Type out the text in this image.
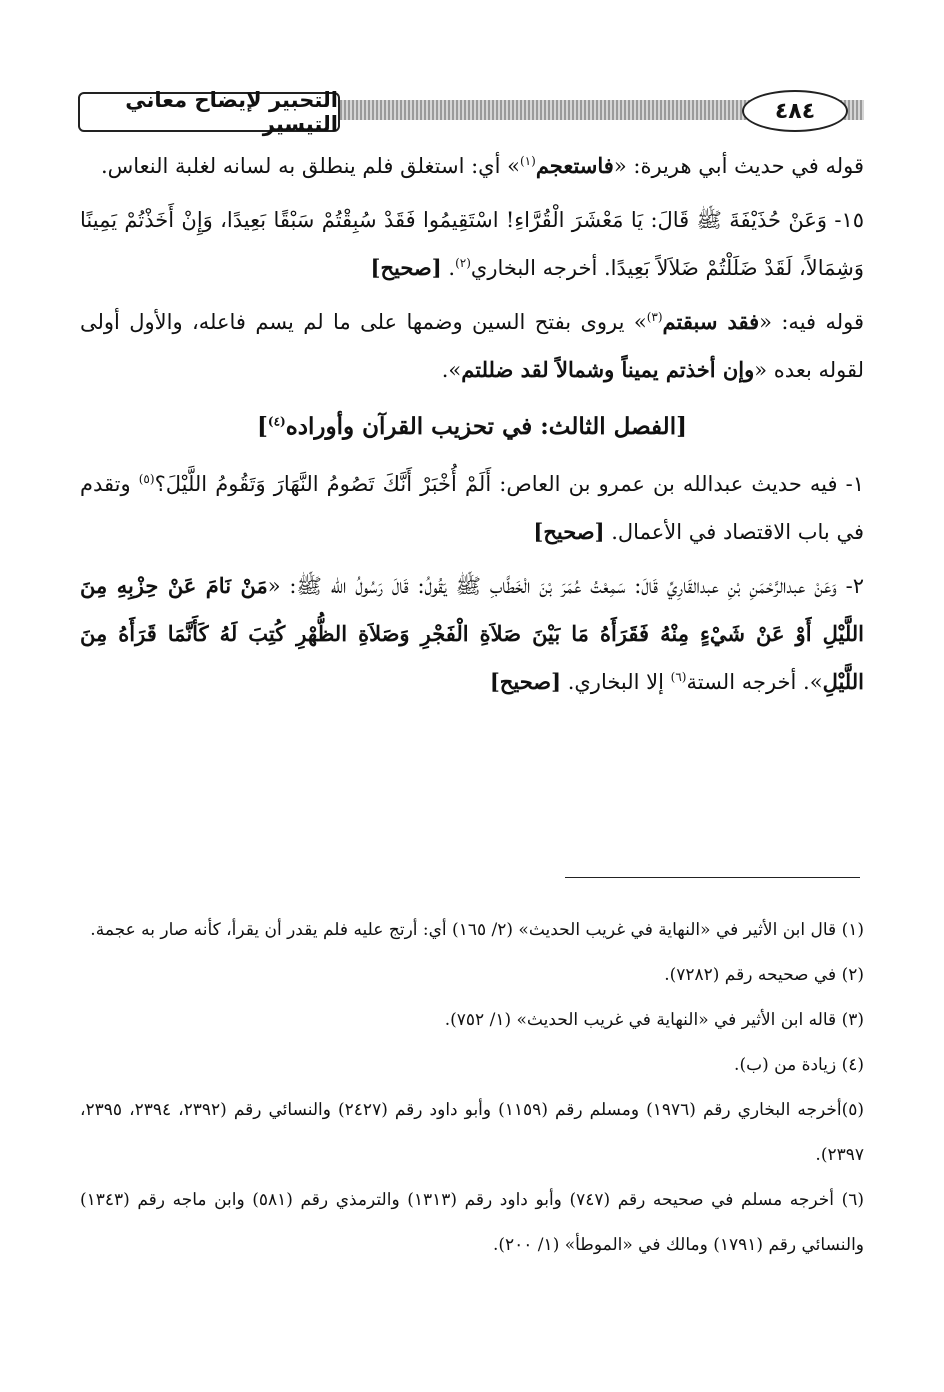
التحبير لإيضاح معاني التيسير
٤٨٤

قوله في حديث أبي هريرة: «فاستعجم$^{(١)}$» أي: استغلق فلم ينطلق به لسانه لغلبة النعاس.

١٥- وَعَنْ حُذَيْفَةَ ﷺ قَالَ: يَا مَعْشَرَ الْقُرَّاءِ! اسْتَقِيمُوا فَقَدْ سُبِقْتُمْ سَبْقًا بَعِيدًا، وَإِنْ أَخَذْتُمْ يَمِينًا وَشِمَالاً، لَقَدْ ضَلَلْتُمْ ضَلاَلاً بَعِيدًا. أخرجه البخاري$^{(٢)}$. [صحيح]

قوله فيه: «فقد سبقتم$^{(٣)}$» يروى بفتح السين وضمها على ما لم يسم فاعله، والأول أولى لقوله بعده «وإن أخذتم يميناً وشمالاً لقد ضللتم».

[الفصل الثالث: في تحزيب القرآن وأوراده$^{(٤)}$]

١- فيه حديث عبدالله بن عمرو بن العاص: أَلَمْ أُخْبَرْ أَنَّكَ تَصُومُ النَّهَارَ وَتَقُومُ اللَّيْلَ؟$^{(٥)}$ وتقدم في باب الاقتصاد في الأعمال. [صحيح]

٢- وَعَنْ عبدالرَّحْمَنِ بْنِ عبدالقَارِيِّ قَالَ: سَمِعْتُ عُمَرَ بْنَ الْخَطَّابِ ﷺ يَقُولُ: قَالَ رَسُولُ الله ﷺ: «مَنْ نَامَ عَنْ حِزْبِهِ مِنَ اللَّيْلِ أَوْ عَنْ شَيْءٍ مِنْهُ فَقَرَأَهُ مَا بَيْنَ صَلاَةِ الْفَجْرِ وَصَلاَةِ الظُّهْرِ كُتِبَ لَهُ كَأَنَّمَا قَرَأَهُ مِنَ اللَّيْلِ». أخرجه الستة$^{(٦)}$ إلا البخاري. [صحيح]

(١) قال ابن الأثير في «النهاية في غريب الحديث» (٢/ ١٦٥) أي: أرتج عليه فلم يقدر أن يقرأ، كأنه صار به عجمة.

(٢) في صحيحه رقم (٧٢٨٢).

(٣) قاله ابن الأثير في «النهاية في غريب الحديث» (١/ ٧٥٢).

(٤) زيادة من (ب).

(٥)أخرجه البخاري رقم (١٩٧٦) ومسلم رقم (١١٥٩) وأبو داود رقم (٢٤٢٧) والنسائي رقم (٢٣٩٢، ٢٣٩٤، ٢٣٩٥، ٢٣٩٧).

(٦) أخرجه مسلم في صحيحه رقم (٧٤٧) وأبو داود رقم (١٣١٣) والترمذي رقم (٥٨١) وابن ماجه رقم (١٣٤٣) والنسائي رقم (١٧٩١) ومالك في «الموطأ» (١/ ٢٠٠).
